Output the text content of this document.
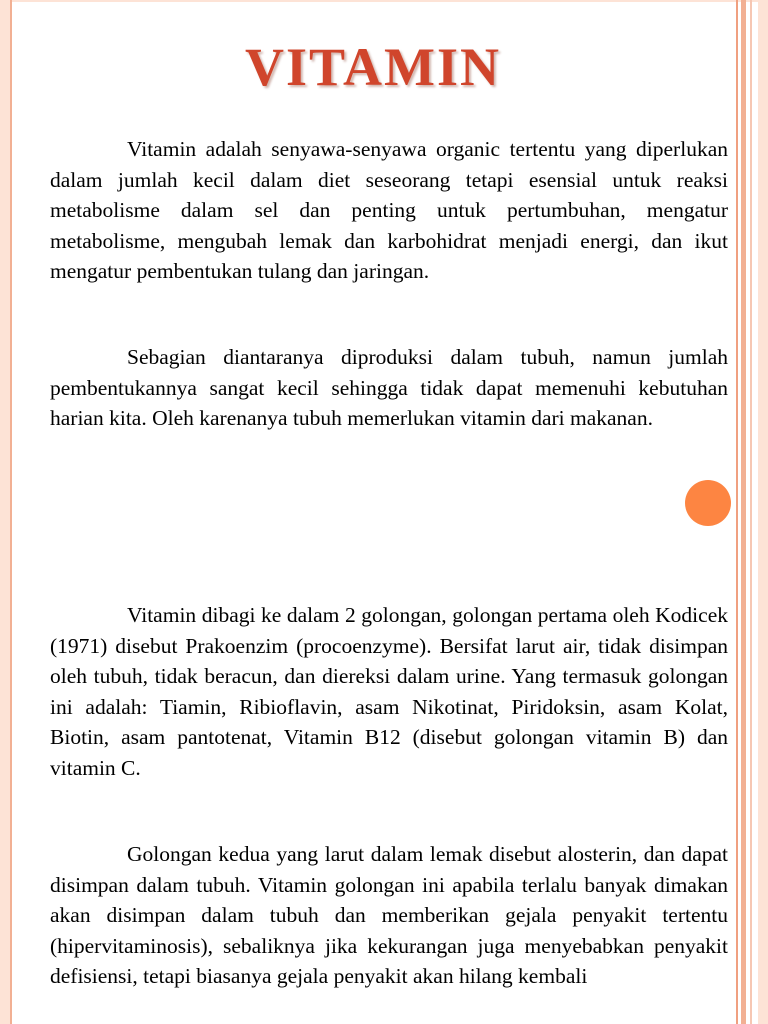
VITAMIN

Vitamin adalah senyawa-senyawa organic tertentu yang diperlukan dalam jumlah kecil dalam diet seseorang tetapi esensial untuk reaksi metabolisme dalam sel dan penting untuk pertumbuhan, mengatur metabolisme, mengubah lemak dan karbohidrat menjadi energi, dan ikut mengatur pembentukan tulang dan jaringan.

Sebagian diantaranya diproduksi dalam tubuh, namun jumlah pembentukannya sangat kecil sehingga tidak dapat memenuhi kebutuhan harian kita. Oleh karenanya tubuh memerlukan vitamin dari makanan.

Vitamin dibagi ke dalam 2 golongan, golongan pertama oleh Kodicek (1971) disebut Prakoenzim (procoenzyme). Bersifat larut air, tidak disimpan oleh tubuh, tidak beracun, dan diereksi dalam urine. Yang termasuk golongan ini adalah: Tiamin, Ribioflavin, asam Nikotinat, Piridoksin, asam Kolat, Biotin, asam pantotenat, Vitamin B12 (disebut golongan vitamin B) dan vitamin C.

Golongan kedua yang larut dalam lemak disebut alosterin, dan dapat disimpan dalam tubuh. Vitamin golongan ini apabila terlalu banyak dimakan akan disimpan dalam tubuh dan memberikan gejala penyakit tertentu (hipervitaminosis), sebaliknya jika kekurangan juga menyebabkan penyakit defisiensi, tetapi biasanya gejala penyakit akan hilang kembali
